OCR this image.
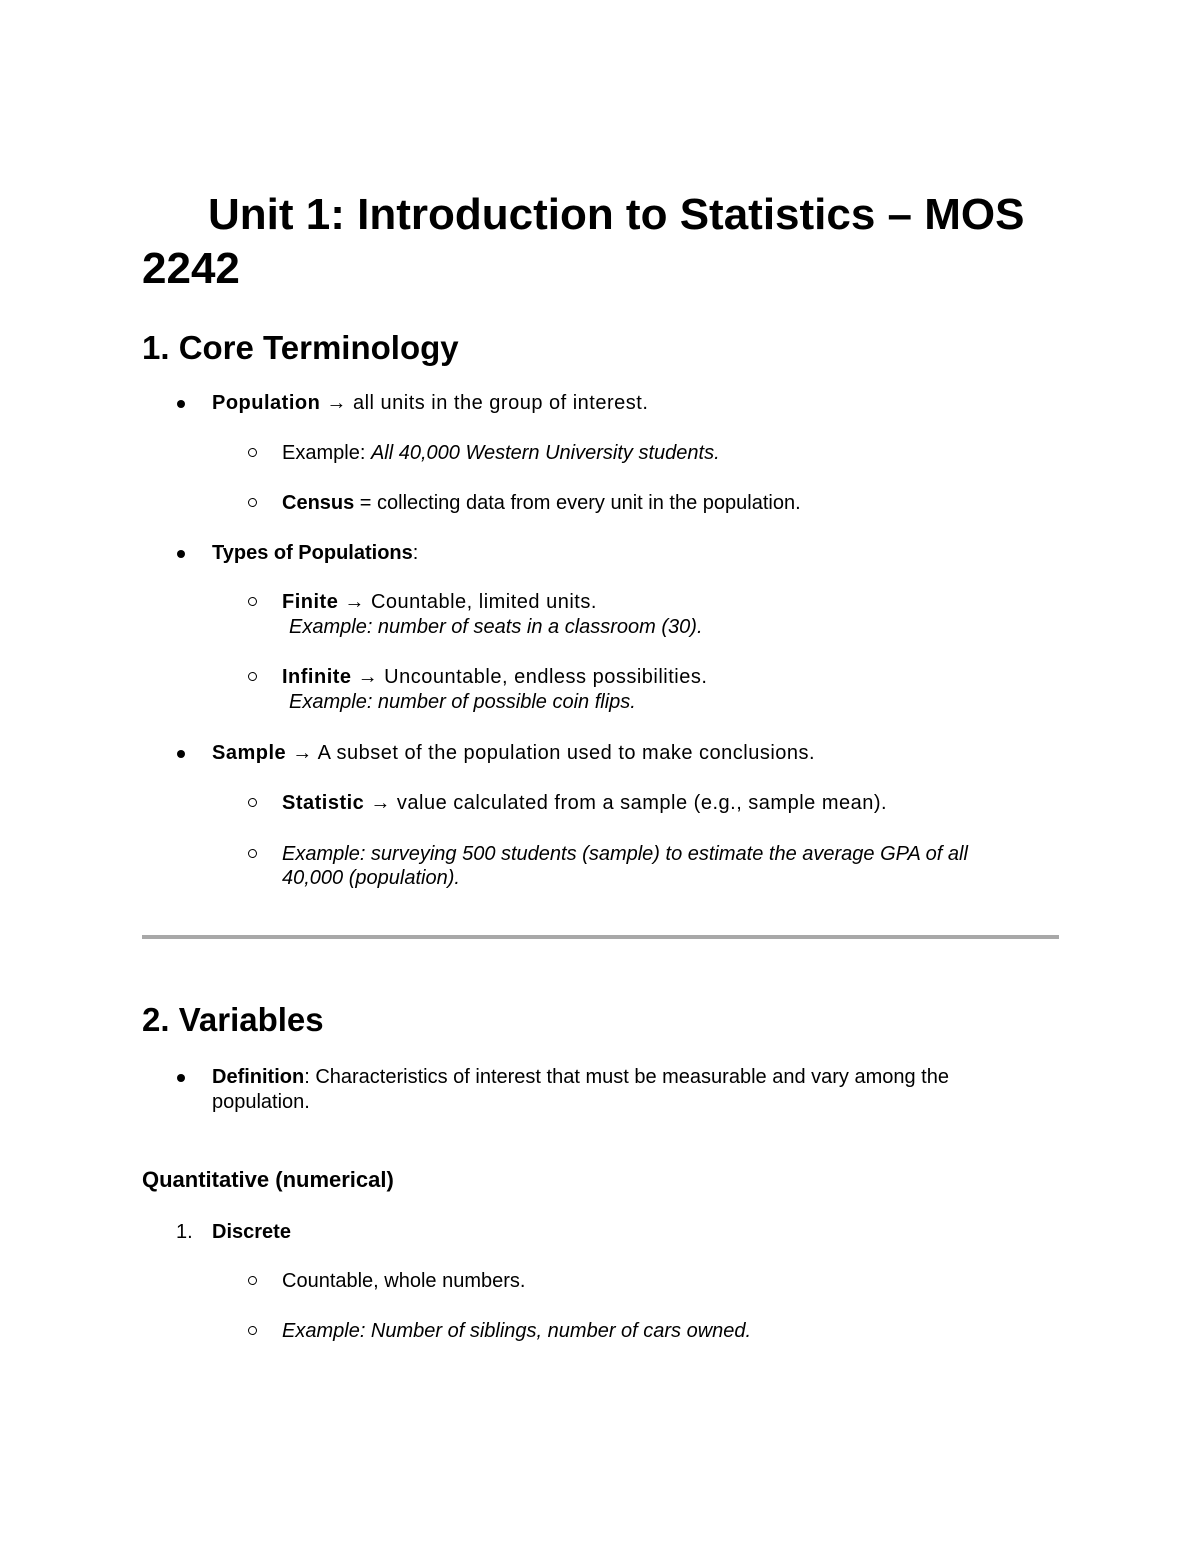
Unit 1: Introduction to Statistics – MOS 2242
1. Core Terminology
Population → all units in the group of interest.
Example: All 40,000 Western University students.
Census = collecting data from every unit in the population.
Types of Populations:
Finite → Countable, limited units.
Example: number of seats in a classroom (30).
Infinite → Uncountable, endless possibilities.
Example: number of possible coin flips.
Sample → A subset of the population used to make conclusions.
Statistic → value calculated from a sample (e.g., sample mean).
Example: surveying 500 students (sample) to estimate the average GPA of all
40,000 (population).
2. Variables
Definition: Characteristics of interest that must be measurable and vary among the
population.
Quantitative (numerical)
1. Discrete
Countable, whole numbers.
Example: Number of siblings, number of cars owned.
